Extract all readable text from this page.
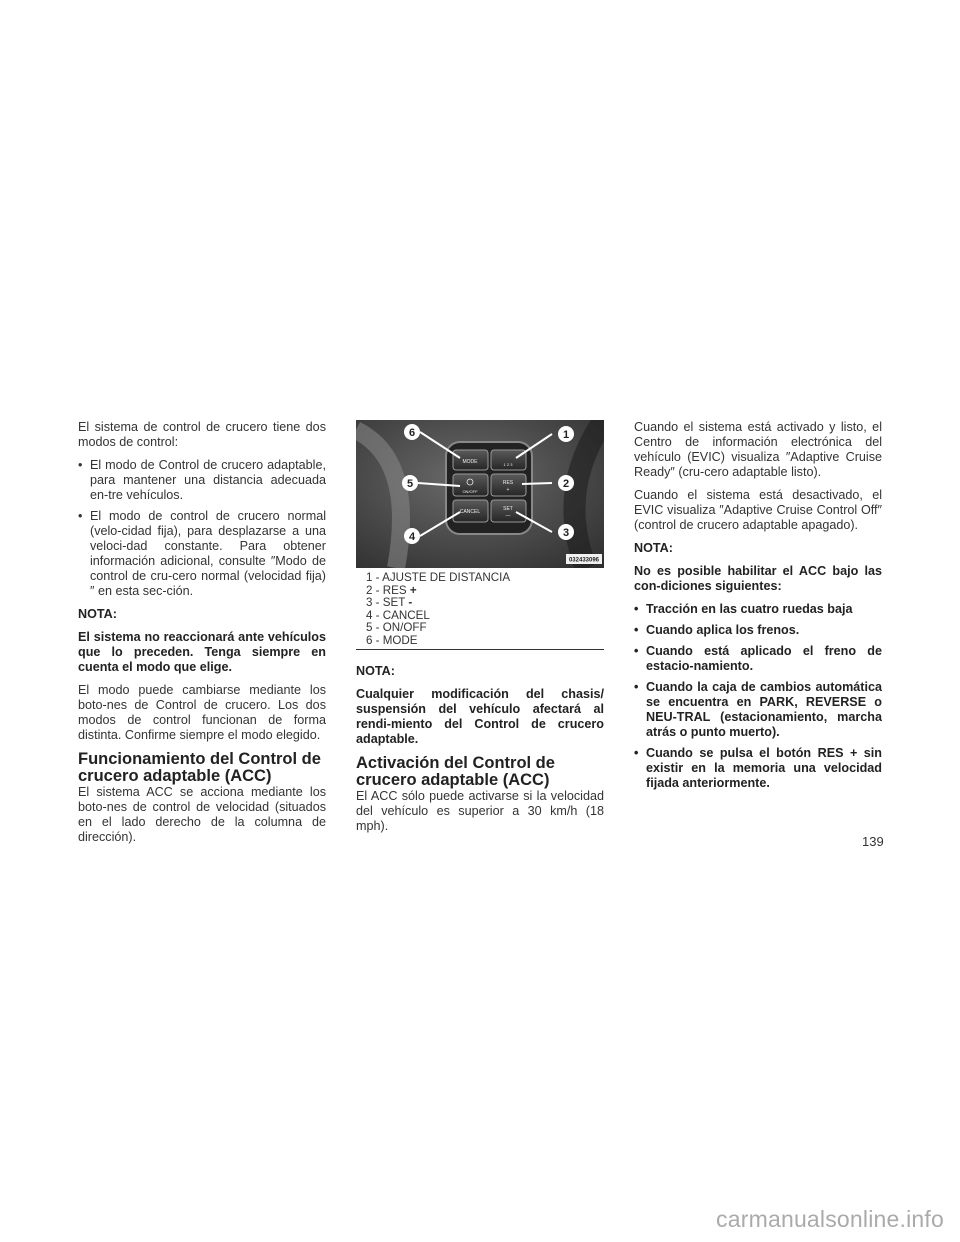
El sistema de control de crucero tiene dos modos de control:

• El modo de Control de crucero adaptable, para mantener una distancia adecuada en-tre vehículos.
• El modo de control de crucero normal (velo-cidad fija), para desplazarse a una veloci-dad constante. Para obtener información adicional, consulte ″Modo de control de cru-cero normal (velocidad fija)″ en esta sec-ción.

NOTA:

El sistema no reaccionará ante vehículos que lo preceden. Tenga siempre en cuenta el modo que elige.

El modo puede cambiarse mediante los boto-nes de Control de crucero. Los dos modos de control funcionan de forma distinta. Confirme siempre el modo elegido.

Funcionamiento del Control de crucero adaptable (ACC)

El sistema ACC se acciona mediante los boto-nes de control de velocidad (situados en el lado derecho de la columna de dirección).

MODE	1 2 3
ON/OFF
RES
+
CANCEL	SET
—
1
2
3
4
5
6
032433096
1 - AJUSTE DE DISTANCIA
2 - RES +
3 - SET -
4 - CANCEL
5 - ON/OFF
6 - MODE

NOTA:

Cualquier modificación del chasis/ suspensión del vehículo afectará al rendi-miento del Control de crucero adaptable.

Activación del Control de crucero adaptable (ACC)

El ACC sólo puede activarse si la velocidad del vehículo es superior a 30 km/h (18 mph).

Cuando el sistema está activado y listo, el Centro de información electrónica del vehículo (EVIC) visualiza ″Adaptive Cruise Ready″ (cru-cero adaptable listo).

Cuando el sistema está desactivado, el EVIC visualiza ″Adaptive Cruise Control Off″ (control de crucero adaptable apagado).

NOTA:

No es posible habilitar el ACC bajo las con-diciones siguientes:

• Tracción en las cuatro ruedas baja
• Cuando aplica los frenos.
• Cuando está aplicado el freno de estacio-namiento.
• Cuando la caja de cambios automática se encuentra en PARK, REVERSE o NEU-TRAL (estacionamiento, marcha atrás o punto muerto).
• Cuando se pulsa el botón RES + sin existir en la memoria una velocidad fijada anteriormente.
139
carmanualsonline.info
